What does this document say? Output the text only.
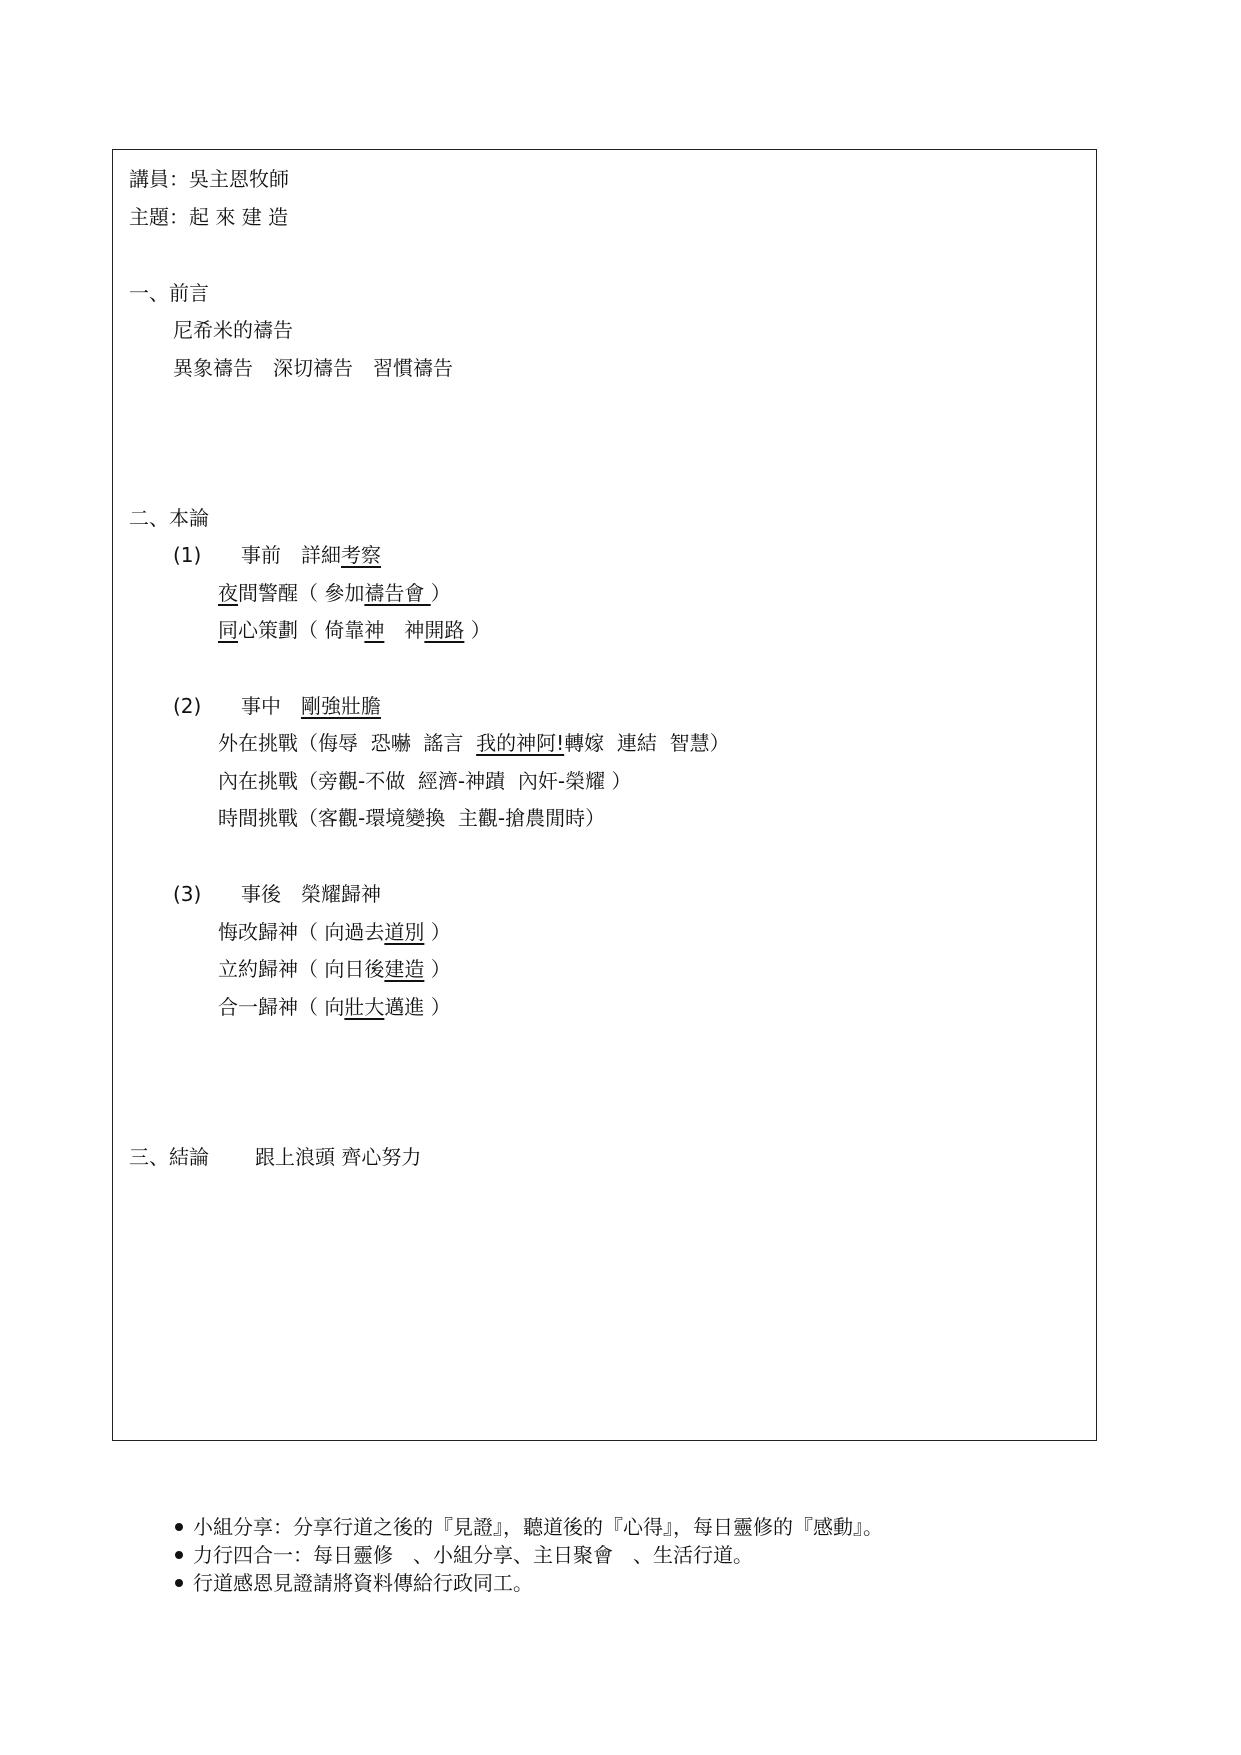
講員：吳主恩牧師
主題：起 來 建 造
一、前言
尼希米的禱告
異象禱告　深切禱告　習慣禱告
二、本論
(1) 事前　詳細考察
夜間警醒（ 參加禱告會 ）
同心策劃（ 倚靠神　神開路 ）
(2) 事中　剛強壯膽
外在挑戰（侮辱  恐嚇  謠言  我的神阿!轉嫁  連結  智慧）
內在挑戰（旁觀-不做  經濟-神蹟  內奸-榮耀 ）
時間挑戰（客觀-環境變換  主觀-搶農閒時）
(3) 事後　榮耀歸神
悔改歸神（ 向過去道別 ）
立約歸神（ 向日後建造 ）
合一歸神（ 向壯大邁進 ）
三、結論 跟上浪頭 齊心努力
小組分享：分享行道之後的『見證』，聽道後的『心得』，每日靈修的『感動』。
力行四合一：每日靈修　、小組分享、主日聚會　、生活行道。
行道感恩見證請將資料傳給行政同工。
